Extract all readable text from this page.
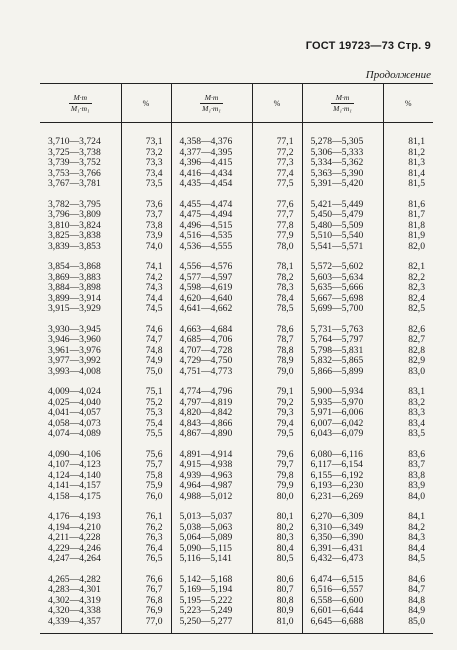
ГОСТ 19723—73 Стр. 9
Продолжение
$\frac{M\cdot m}{\text{M₁·m₁}}$	%	$\frac{M\cdot m}{\text{M₁·m₁}}$	%	$\frac{M\cdot m}{\text{M₁·m₁}}$	%
3,710—3,724	73,1	4,358—4,376	77,1	5,278—5,305	81,1
3,725—3,738	73,2	4,377—4,395	77,2	5,306—5,333	81,2
3,739—3,752	73,3	4,396—4,415	77,3	5,334—5,362	81,3
3,753—3,766	73,4	4,416—4,434	77,4	5,363—5,390	81,4
3,767—3,781	73,5	4,435—4,454	77,5	5,391—5,420	81,5
3,782—3,795	73,6	4,455—4,474	77,6	5,421—5,449	81,6
3,796—3,809	73,7	4,475—4,494	77,7	5,450—5,479	81,7
3,810—3,824	73,8	4,496—4,515	77,8	5,480—5,509	81,8
3,825—3,838	73,9	4,516—4,535	77,9	5,510—5,540	81,9
3,839—3,853	74,0	4,536—4,555	78,0	5,541—5,571	82,0
3,854—3,868	74,1	4,556—4,576	78,1	5,572—5,602	82,1
3,869—3,883	74,2	4,577—4,597	78,2	5,603—5,634	82,2
3,884—3,898	74,3	4,598—4,619	78,3	5,635—5,666	82,3
3,899—3,914	74,4	4,620—4,640	78,4	5,667—5,698	82,4
3,915—3,929	74,5	4,641—4,662	78,5	5,699—5,700	82,5
3,930—3,945	74,6	4,663—4,684	78,6	5,731—5,763	82,6
3,946—3,960	74,7	4,685—4,706	78,7	5,764—5,797	82,7
3,961—3,976	74,8	4,707—4,728	78,8	5,798—5,831	82,8
3,977—3,992	74,9	4,729—4,750	78,9	5,832—5,865	82,9
3,993—4,008	75,0	4,751—4,773	79,0	5,866—5,899	83,0
4,009—4,024	75,1	4,774—4,796	79,1	5,900—5,934	83,1
4,025—4,040	75,2	4,797—4,819	79,2	5,935—5,970	83,2
4,041—4,057	75,3	4,820—4,842	79,3	5,971—6,006	83,3
4,058—4,073	75,4	4,843—4,866	79,4	6,007—6,042	83,4
4,074—4,089	75,5	4,867—4,890	79,5	6,043—6,079	83,5
4,090—4,106	75,6	4,891—4,914	79,6	6,080—6,116	83,6
4,107—4,123	75,7	4,915—4,938	79,7	6,117—6,154	83,7
4,124—4,140	75,8	4,939—4,963	79,8	6,155—6,192	83,8
4,141—4,157	75,9	4,964—4,987	79,9	6,193—6,230	83,9
4,158—4,175	76,0	4,988—5,012	80,0	6,231—6,269	84,0
4,176—4,193	76,1	5,013—5,037	80,1	6,270—6,309	84,1
4,194—4,210	76,2	5,038—5,063	80,2	6,310—6,349	84,2
4,211—4,228	76,3	5,064—5,089	80,3	6,350—6,390	84,3
4,229—4,246	76,4	5,090—5,115	80,4	6,391—6,431	84,4
4,247—4,264	76,5	5,116—5,141	80,5	6,432—6,473	84,5
4,265—4,282	76,6	5,142—5,168	80,6	6,474—6,515	84,6
4,283—4,301	76,7	5,169—5,194	80,7	6,516—6,557	84,7
4,302—4,319	76,8	5,195—5,222	80,8	6,558—6,600	84,8
4,320—4,338	76,9	5,223—5,249	80,9	6,601—6,644	84,9
4,339—4,357	77,0	5,250—5,277	81,0	6,645—6,688	85,0
